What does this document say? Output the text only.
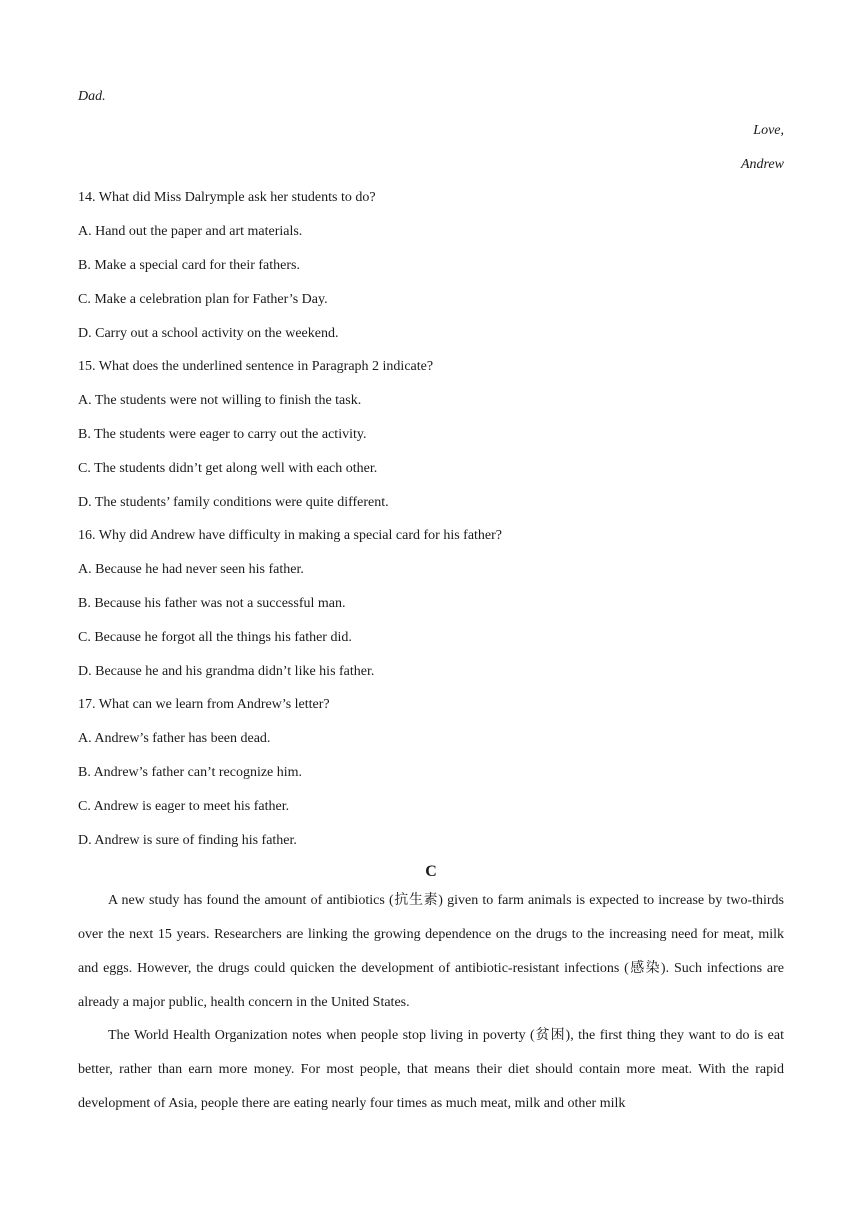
Dad.
Love,
Andrew
14. What did Miss Dalrymple ask her students to do?
A. Hand out the paper and art materials.
B. Make a special card for their fathers.
C. Make a celebration plan for Father’s Day.
D. Carry out a school activity on the weekend.
15. What does the underlined sentence in Paragraph 2 indicate?
A. The students were not willing to finish the task.
B. The students were eager to carry out the activity.
C. The students didn’t get along well with each other.
D. The students’ family conditions were quite different.
16. Why did Andrew have difficulty in making a special card for his father?
A. Because he had never seen his father.
B. Because his father was not a successful man.
C. Because he forgot all the things his father did.
D. Because he and his grandma didn’t like his father.
17. What can we learn from Andrew’s letter?
A. Andrew’s father has been dead.
B. Andrew’s father can’t recognize him.
C. Andrew is eager to meet his father.
D. Andrew is sure of finding his father.
C
A new study has found the amount of antibiotics (抗生素) given to farm animals is expected to increase by two-thirds over the next 15 years. Researchers are linking the growing dependence on the drugs to the increasing need for meat, milk and eggs. However, the drugs could quicken the development of antibiotic-resistant infections (感染). Such infections are already a major public, health concern in the United States.
The World Health Organization notes when people stop living in poverty (贫困), the first thing they want to do is eat better, rather than earn more money. For most people, that means their diet should contain more meat. With the rapid development of Asia, people there are eating nearly four times as much meat, milk and other milk
